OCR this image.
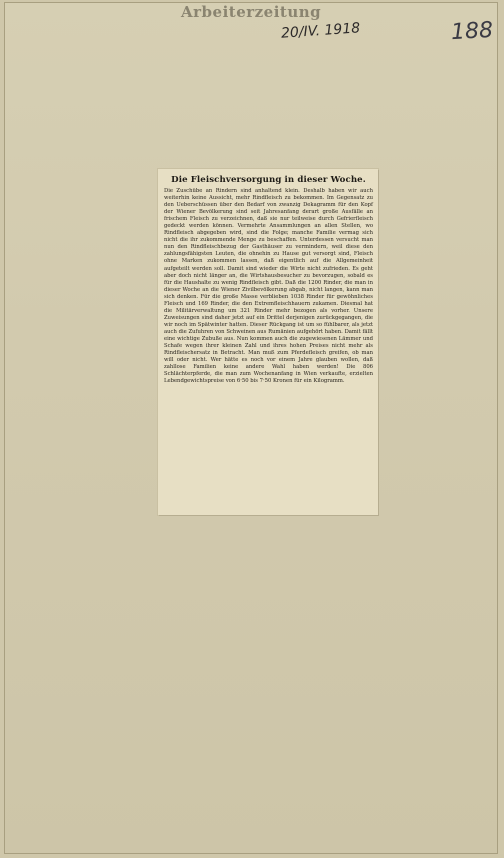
Arbeiterzeitung
20/IV. 1918	188
Die Fleischversorgung in dieser Woche.

Die Zuschübe an Rindern sind anhaltend klein. Deshalb haben wir auch weiterhin keine Aussicht, mehr Rindfleisch zu bekommen. Im Gegensatz zu den Ueberschüssen über den Bedarf von zwanzig Dekagramm für den Kopf der Wiener Bevölkerung sind seit Jahresanfang derart große Ausfälle an frischem Fleisch zu verzeichnen, daß sie nur teilweise durch Gefrierfleisch gedeckt werden können. Vermehrte Ansammlungen an allen Stellen, wo Rindfleisch abgegeben wird, sind die Folge; manche Familie vermag sich nicht die ihr zukommende Menge zu beschaffen. Unterdessen versucht man nun den Rindfleischbezug der Gasthäuser zu vermindern, weil diese den zahlungsfähigsten Leuten, die ohnehin zu Hause gut versorgt sind, Fleisch ohne Marken zukommen lassen, daß eigentlich auf die Allgemeinheit aufgeteilt werden soll. Damit sind wieder die Wirte nicht zufrieden. Es geht aber doch nicht länger an, die Wirtshausbesucher zu bevorzugen, sobald es für die Haushalte zu wenig Rindfleisch gibt. Daß die 1200 Rinder, die man in dieser Woche an die Wiener Zivilbevölkerung abgab, nicht langen, kann man sich denken. Für die große Masse verblieben 1038 Rinder für gewöhnliches Fleisch und 169 Rinder, die den Extremfleischhauern zukamen. Diesmal hat die Militärverwaltung um 321 Rinder mehr bezogen als vorher. Unsere Zuweisungen sind daher jetzt auf ein Drittel derjenigen zurückgegangen, die wir noch im Spätwinter hatten. Dieser Rückgang ist um so fühlbarer, als jetzt auch die Zufuhren von Schweinen aus Rumänien aufgehört haben. Damit fällt eine wichtige Zubuße aus. Nun kommen auch die zugewiesenen Lämmer und Schafe wegen ihrer kleinen Zahl und ihres hohen Preises nicht mehr als Rindfleischersatz in Betracht. Man muß zum Pferdefleisch greifen, ob man will oder nicht. Wer hätte es noch vor einem Jahre glauben wollen, daß zahllose Familien keine andere Wahl haben werden! Die 806 Schlächterpferde, die man zum Wochenanfang in Wien verkaufte, erzielten Lebendgewichtspreise von 6·50 bis 7·50 Kronen für ein Kilogramm.
